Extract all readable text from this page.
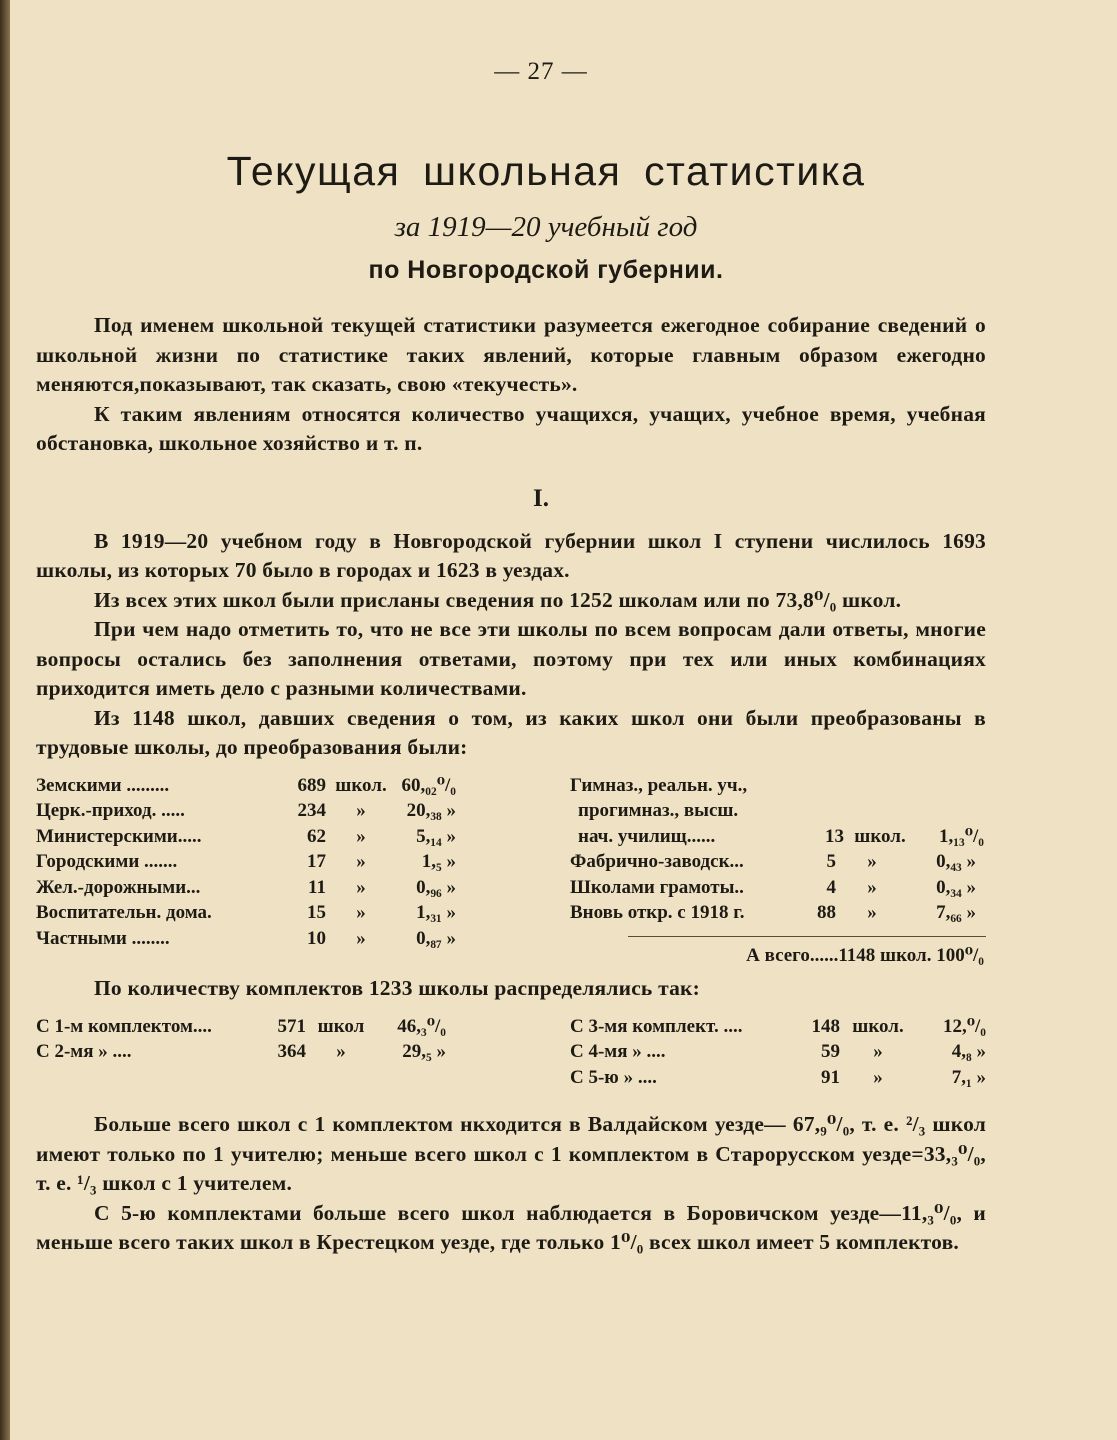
— 27 —
Текущая школьная статистика
за 1919—20 учебный год
по Новгородской губернии.

Под именем школьной текущей статистики разумеется ежегодное собирание сведений о школьной жизни по статистике таких явлений, которые главным образом ежегодно меняются,показывают, так сказать, свою «текучесть».

К таким явлениям относятся количество учащихся, учащих, учебное время, учебная обстановка, школьное хозяйство и т. п.

I.

В 1919—20 учебном году в Новгородской губернии школ I ступени числилось 1693 школы, из которых 70 было в городах и 1623 в уездах.

Из всех этих школ были присланы сведения по 1252 школам или по 73,8⁰/₀ школ.

При чем надо отметить то, что не все эти школы по всем вопросам дали ответы, многие вопросы остались без заполнения ответами, поэтому при тех или иных комбинациях приходится иметь дело с разными количествами.

Из 1148 школ, давших сведения о том, из каких школ они были преобразованы в трудовые школы, до преобразования были:

Земскими .........	689 школ. 60,₀₂⁰/₀
Церк.-приход. .....	234	»	20,₃₈ »
Министерскими.....	62	»	5,₁₄ »
Городскими .......	17	»	1,₅ »
Жел.-дорожными...	11	»	0,₉₆ »
Воспитательн. дома.	15	»	1,₃₁ »
Частными ........	10	»	0,₈₇ »
Гимназ., реальн. уч.,
прогимназ., высш.
нач. училищ......	13 школ.	1,₁₃⁰/₀
Фабрично-заводск...	5	»	0,₄₃ »
Школами грамоты..	4	»	0,₃₄ »
Вновь откр. с 1918 г.	88	»	7,₆₆ »
А всего......1148 школ. 100⁰/₀

По количеству комплектов 1233 школы распределялись так:

С 1-м комплектом....	571 школ	46,₃⁰/₀
С 2-мя » ....	364	»	29,₅ »
С 3-мя комплект. ....	148 школ.	12,⁰/₀
С 4-мя » ....	59	»	4,₈ »
С 5-ю » ....	91	»	7,₁ »

Больше всего школ с 1 комплектом нкходится в Валдайском уезде— 67,₉⁰/₀, т. е. ²/₃ школ имеют только по 1 учителю; меньше всего школ с 1 комплектом в Старорусском уезде=33,₃⁰/₀, т. е. ¹/₃ школ с 1 учителем.

С 5-ю комплектами больше всего школ наблюдается в Боровичском уезде—11,₃⁰/₀, и меньше всего таких школ в Крестецком уезде, где только 1⁰/₀ всех школ имеет 5 комплектов.
